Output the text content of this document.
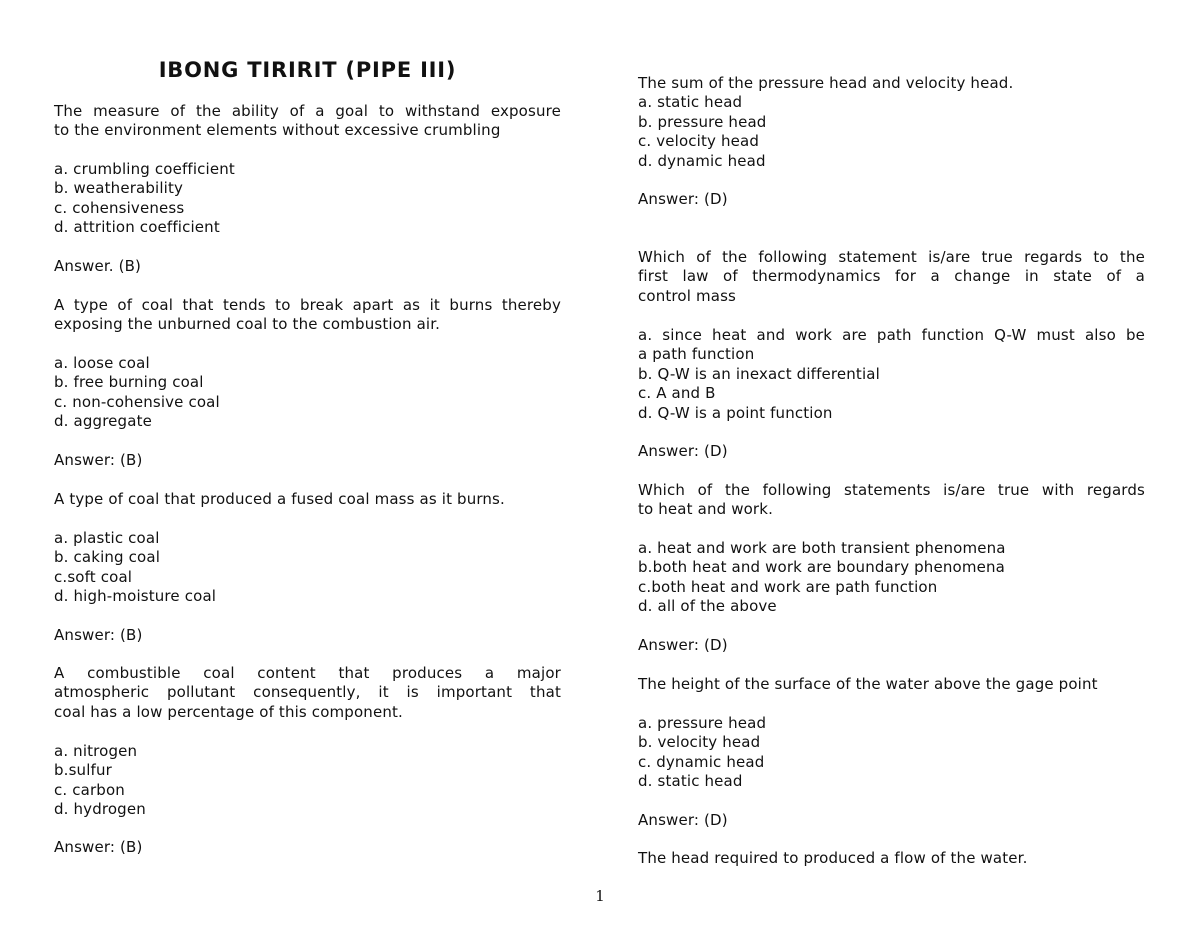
IBONG TIRIRIT (PIPE III)
The measure of the ability of a goal to withstand exposure
to the environment elements without excessive crumbling
a. crumbling coefficient
b. weatherability
c. cohensiveness
d. attrition coefficient
Answer. (B)
A type of coal that tends to break apart as it burns thereby
exposing the unburned coal to the combustion air.
a. loose coal
b. free burning coal
c. non-cohensive coal
d. aggregate
Answer: (B)
A type of coal that produced a fused coal mass as it burns.
a. plastic coal
b. caking coal
c.soft coal
d. high-moisture coal
Answer: (B)
A combustible coal content that produces a major
atmospheric pollutant consequently, it is important that
coal has a low percentage of this component.
a. nitrogen
b.sulfur
c. carbon
d. hydrogen
Answer: (B)
The sum of the pressure head and velocity head.
a. static head
b. pressure head
c. velocity head
d. dynamic head
Answer: (D)
Which of the following statement is/are true regards to the
first law of thermodynamics for a change in state of a
control mass
a. since heat and work are path function Q-W must also be
a path function
b. Q-W is an inexact differential
c. A and B
d. Q-W is a point function
Answer: (D)
Which of the following statements is/are true with regards
to heat and work.
a. heat and work are both transient phenomena
b.both heat and work are boundary phenomena
c.both heat and work are path function
d. all of the above
Answer: (D)
The height of the surface of the water above the gage point
a. pressure head
b. velocity head
c. dynamic head
d. static head
Answer: (D)
The head required to produced a flow of the water.
1
